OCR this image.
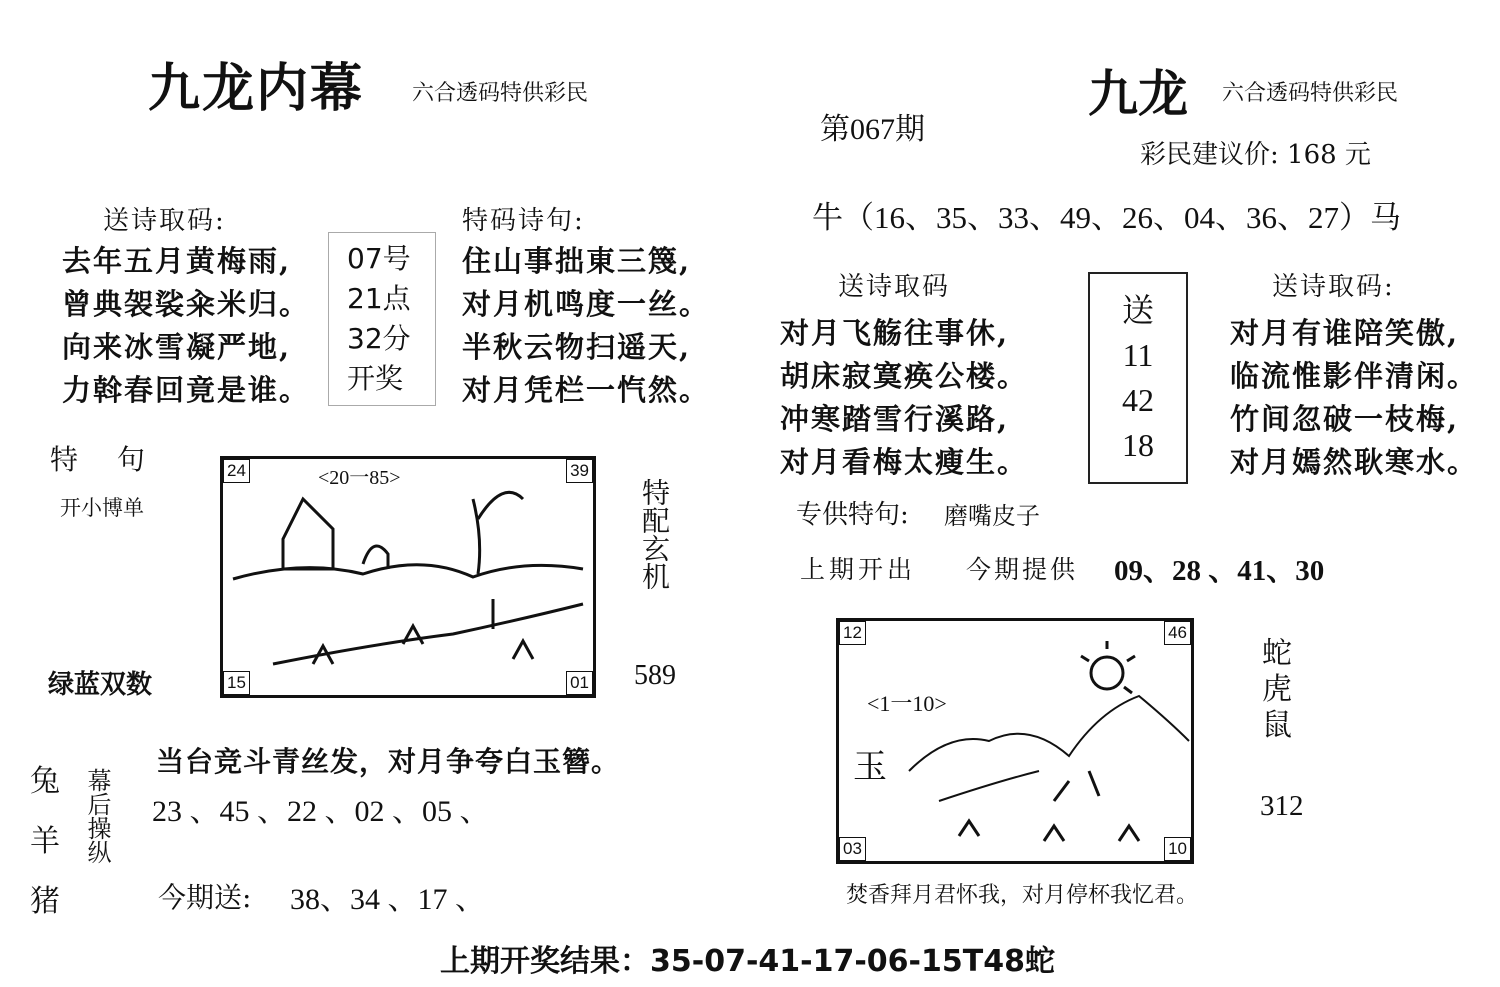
九龙内幕 六合透码特供彩民
送诗取码:
去年五月黄梅雨,
曾典袈裟籴米归。
向来冰雪凝严地,
力斡春回竟是谁。
07号
21点
32分
开奖
特码诗句:
住山事拙東三篾,
对月机鸣度一丝。
半秋云物扫遥天,
对月凭栏一忾然。
特 句
开小博单
绿蓝双数
<20一85>
24	39
15	01
特配玄机
589
兔
羊
猪
幕后操纵
当台竞斗青丝发，对月争夸白玉簪。
23 、45 、22 、02 、05 、
今期送: 38、34 、17 、
九龙 六合透码特供彩民
第067期
彩民建议价: 168 元
牛（16、35、33、49、26、04、36、27）马
送诗取码
对月飞觞往事休,
胡床寂寞痪公楼。
冲寒踏雪行溪路,
对月看梅太瘦生。
送
11
42
18
送诗取码:
对月有谁陪笑傲,
临流惟影伴清闲。
竹间忽破一枝梅,
对月嫣然耿寒水。
专供特句: 磨嘴皮子
上期开出 今期提供 09、28 、41、30
<1一10>
玉
12	46
03	10
蛇
虎
鼠
312
焚香拜月君怀我，对月停杯我忆君。
上期开奖结果：35-07-41-17-06-15T48蛇
